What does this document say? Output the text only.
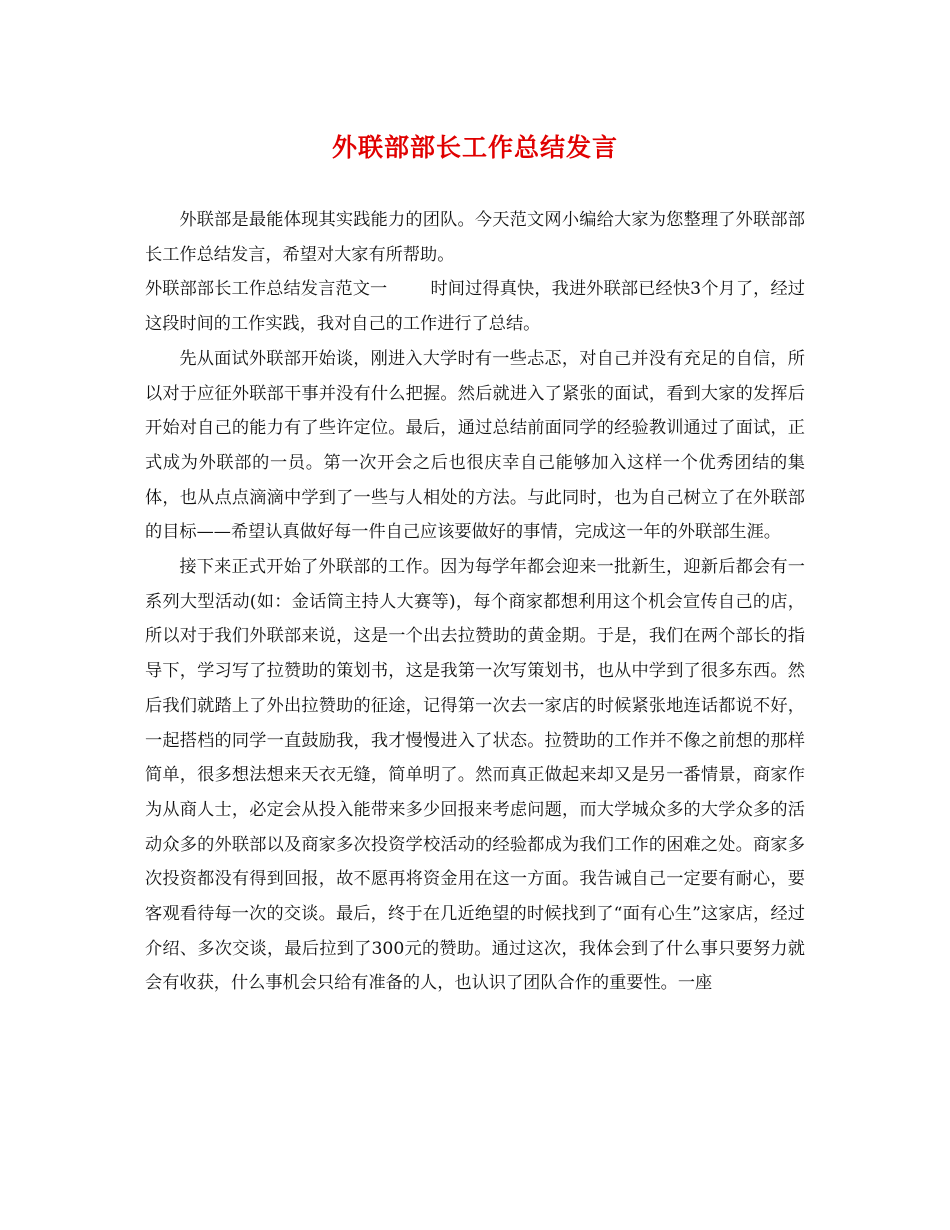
外联部部长工作总结发言

外联部是最能体现其实践能力的团队。今天范文网小编给大家为您整理了外联部部长工作总结发言，希望对大家有所帮助。

外联部部长工作总结发言范文一	时间过得真快，我进外联部已经快3个月了，经过这段时间的工作实践，我对自己的工作进行了总结。

先从面试外联部开始谈，刚进入大学时有一些忐忑，对自己并没有充足的自信，所以对于应征外联部干事并没有什么把握。然后就进入了紧张的面试，看到大家的发挥后开始对自己的能力有了些许定位。最后，通过总结前面同学的经验教训通过了面试，正式成为外联部的一员。第一次开会之后也很庆幸自己能够加入这样一个优秀团结的集体，也从点点滴滴中学到了一些与人相处的方法。与此同时，也为自己树立了在外联部的目标——希望认真做好每一件自己应该要做好的事情，完成这一年的外联部生涯。

接下来正式开始了外联部的工作。因为每学年都会迎来一批新生，迎新后都会有一系列大型活动(如：金话筒主持人大赛等)，每个商家都想利用这个机会宣传自己的店，所以对于我们外联部来说，这是一个出去拉赞助的黄金期。于是，我们在两个部长的指导下，学习写了拉赞助的策划书，这是我第一次写策划书，也从中学到了很多东西。然后我们就踏上了外出拉赞助的征途，记得第一次去一家店的时候紧张地连话都说不好，一起搭档的同学一直鼓励我，我才慢慢进入了状态。拉赞助的工作并不像之前想的那样简单，很多想法想来天衣无缝，简单明了。然而真正做起来却又是另一番情景，商家作为从商人士，必定会从投入能带来多少回报来考虑问题，而大学城众多的大学众多的活动众多的外联部以及商家多次投资学校活动的经验都成为我们工作的困难之处。商家多次投资都没有得到回报，故不愿再将资金用在这一方面。我告诫自己一定要有耐心，要客观看待每一次的交谈。最后，终于在几近绝望的时候找到了“面有心生”这家店，经过介绍、多次交谈，最后拉到了300元的赞助。通过这次，我体会到了什么事只要努力就会有收获，什么事机会只给有准备的人，也认识了团队合作的重要性。一座
